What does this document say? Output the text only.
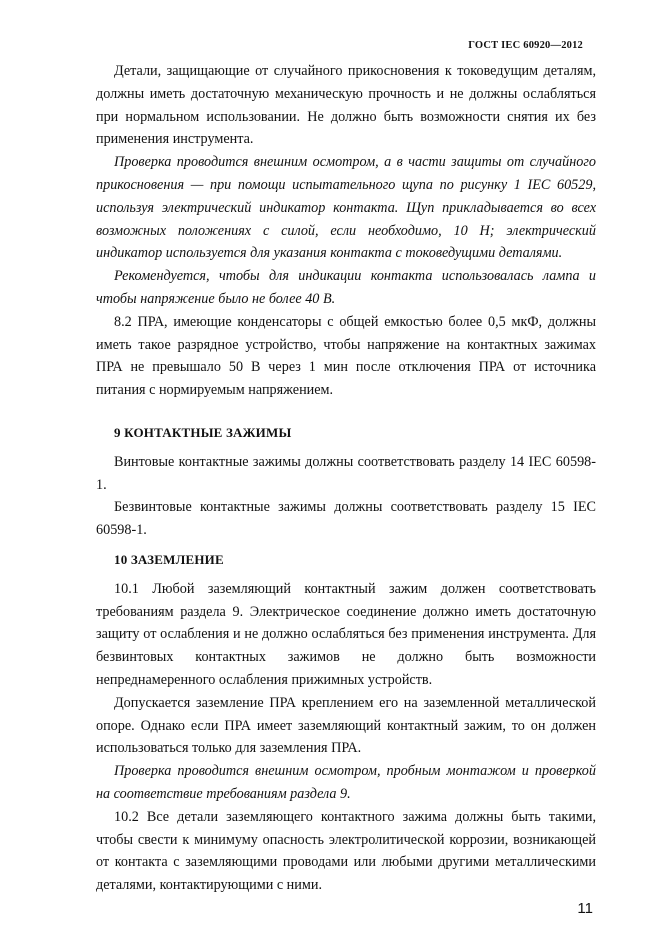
ГОСТ IEC 60920—2012

Детали, защищающие от случайного прикосновения к токоведущим деталям, должны иметь достаточную механическую прочность и не должны ослабляться при нормальном использовании. Не должно быть возможности снятия их без применения инструмента.

Проверка проводится внешним осмотром, а в части защиты от случайного прикосновения — при помощи испытательного щупа по рисунку 1 IEC 60529, используя электрический индикатор контакта. Щуп прикладывается во всех возможных положениях с силой, если необходимо, 10 Н; электрический индикатор используется для указания контакта с токоведущими деталями.

Рекомендуется, чтобы для индикации контакта использовалась лампа и чтобы напряжение было не более 40 В.

8.2 ПРА, имеющие конденсаторы с общей емкостью более 0,5 мкФ, должны иметь такое разрядное устройство, чтобы напряжение на контактных зажимах ПРА не превышало 50 В через 1 мин после отключения ПРА от источника питания с нормируемым напряжением.

9 КОНТАКТНЫЕ ЗАЖИМЫ

Винтовые контактные зажимы должны соответствовать разделу 14 IEC 60598-1.

Безвинтовые контактные зажимы должны соответствовать разделу 15 IEC 60598-1.

10 ЗАЗЕМЛЕНИЕ

10.1 Любой заземляющий контактный зажим должен соответствовать требованиям раздела 9. Электрическое соединение должно иметь достаточную защиту от ослабления и не должно ослабляться без применения инструмента. Для безвинтовых контактных зажимов не должно быть возможности непреднамеренного ослабления прижимных устройств.

Допускается заземление ПРА креплением его на заземленной металлической опоре. Однако если ПРА имеет заземляющий контактный зажим, то он должен использоваться только для заземления ПРА.

Проверка проводится внешним осмотром, пробным монтажом и проверкой на соответствие требованиям раздела 9.

10.2 Все детали заземляющего контактного зажима должны быть такими, чтобы свести к минимуму опасность электролитической коррозии, возникающей от контакта с заземляющими проводами или любыми другими металлическими деталями, контактирующими с ними.

11
